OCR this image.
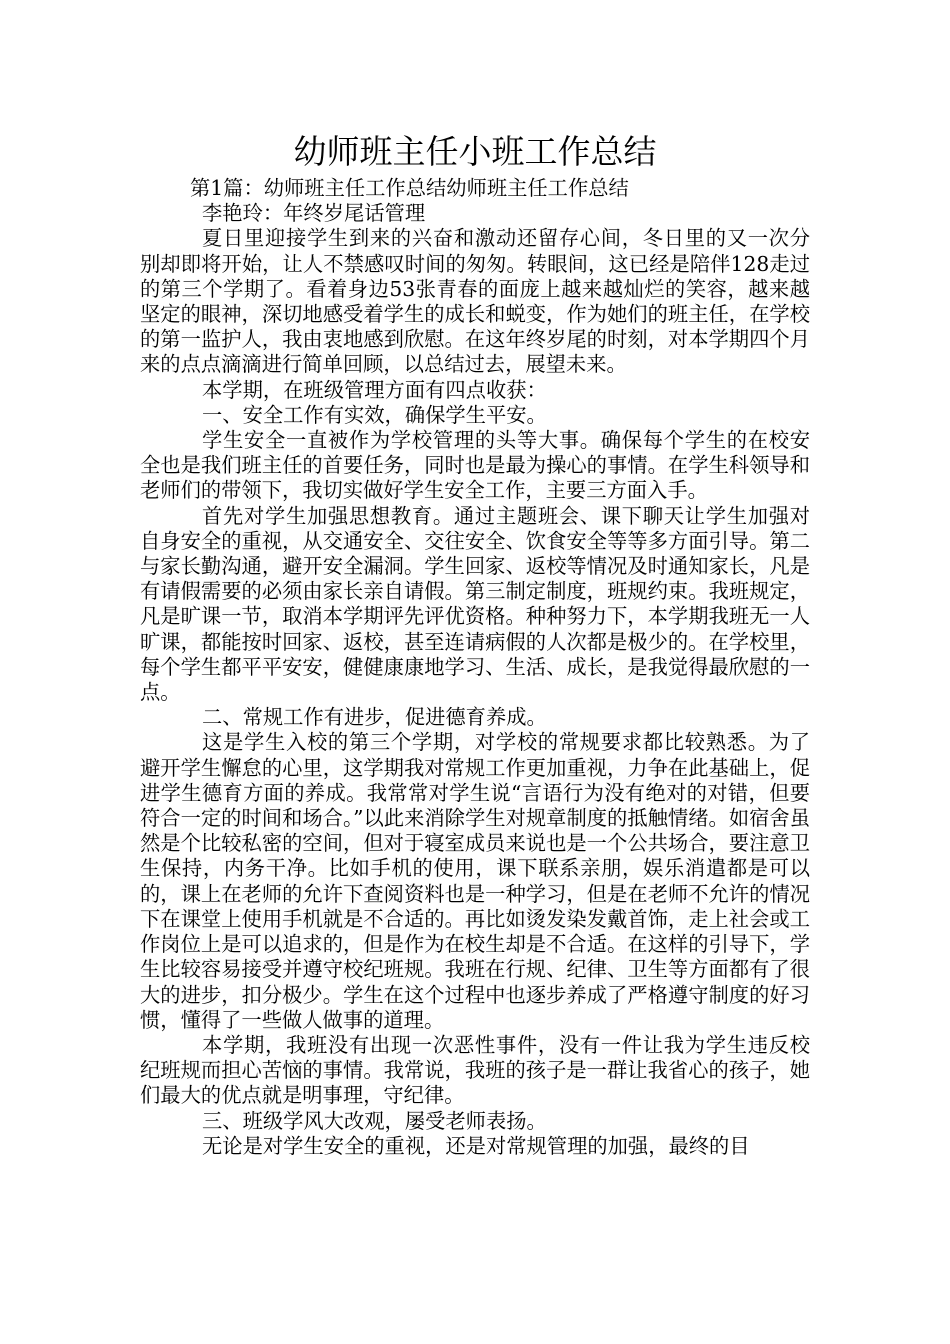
幼师班主任小班工作总结

第1篇：幼师班主任工作总结幼师班主任工作总结

李艳玲：年终岁尾话管理

夏日里迎接学生到来的兴奋和激动还留存心间，冬日里的又一次分别却即将开始，让人不禁感叹时间的匆匆。转眼间，这已经是陪伴128走过的第三个学期了。看着身边53张青春的面庞上越来越灿烂的笑容，越来越坚定的眼神，深切地感受着学生的成长和蜕变，作为她们的班主任，在学校的第一监护人，我由衷地感到欣慰。在这年终岁尾的时刻，对本学期四个月来的点点滴滴进行简单回顾，以总结过去，展望未来。

本学期，在班级管理方面有四点收获：

一、安全工作有实效，确保学生平安。

学生安全一直被作为学校管理的头等大事。确保每个学生的在校安全也是我们班主任的首要任务，同时也是最为操心的事情。在学生科领导和老师们的带领下，我切实做好学生安全工作，主要三方面入手。

首先对学生加强思想教育。通过主题班会、课下聊天让学生加强对自身安全的重视，从交通安全、交往安全、饮食安全等等多方面引导。第二与家长勤沟通，避开安全漏洞。学生回家、返校等情况及时通知家长，凡是有请假需要的必须由家长亲自请假。第三制定制度，班规约束。我班规定，凡是旷课一节，取消本学期评先评优资格。种种努力下，本学期我班无一人旷课，都能按时回家、返校，甚至连请病假的人次都是极少的。在学校里，每个学生都平平安安，健健康康地学习、生活、成长，是我觉得最欣慰的一点。

二、常规工作有进步，促进德育养成。

这是学生入校的第三个学期，对学校的常规要求都比较熟悉。为了避开学生懈怠的心里，这学期我对常规工作更加重视，力争在此基础上，促进学生德育方面的养成。我常常对学生说“言语行为没有绝对的对错，但要符合一定的时间和场合。”以此来消除学生对规章制度的抵触情绪。如宿舍虽然是个比较私密的空间，但对于寝室成员来说也是一个公共场合，要注意卫生保持，内务干净。比如手机的使用，课下联系亲朋，娱乐消遣都是可以的，课上在老师的允许下查阅资料也是一种学习，但是在老师不允许的情况下在课堂上使用手机就是不合适的。再比如烫发染发戴首饰，走上社会或工作岗位上是可以追求的，但是作为在校生却是不合适。在这样的引导下，学生比较容易接受并遵守校纪班规。我班在行规、纪律、卫生等方面都有了很大的进步，扣分极少。学生在这个过程中也逐步养成了严格遵守制度的好习惯，懂得了一些做人做事的道理。

本学期，我班没有出现一次恶性事件，没有一件让我为学生违反校纪班规而担心苦恼的事情。我常说，我班的孩子是一群让我省心的孩子，她们最大的优点就是明事理，守纪律。

三、班级学风大改观，屡受老师表扬。

无论是对学生安全的重视，还是对常规管理的加强，最终的目
